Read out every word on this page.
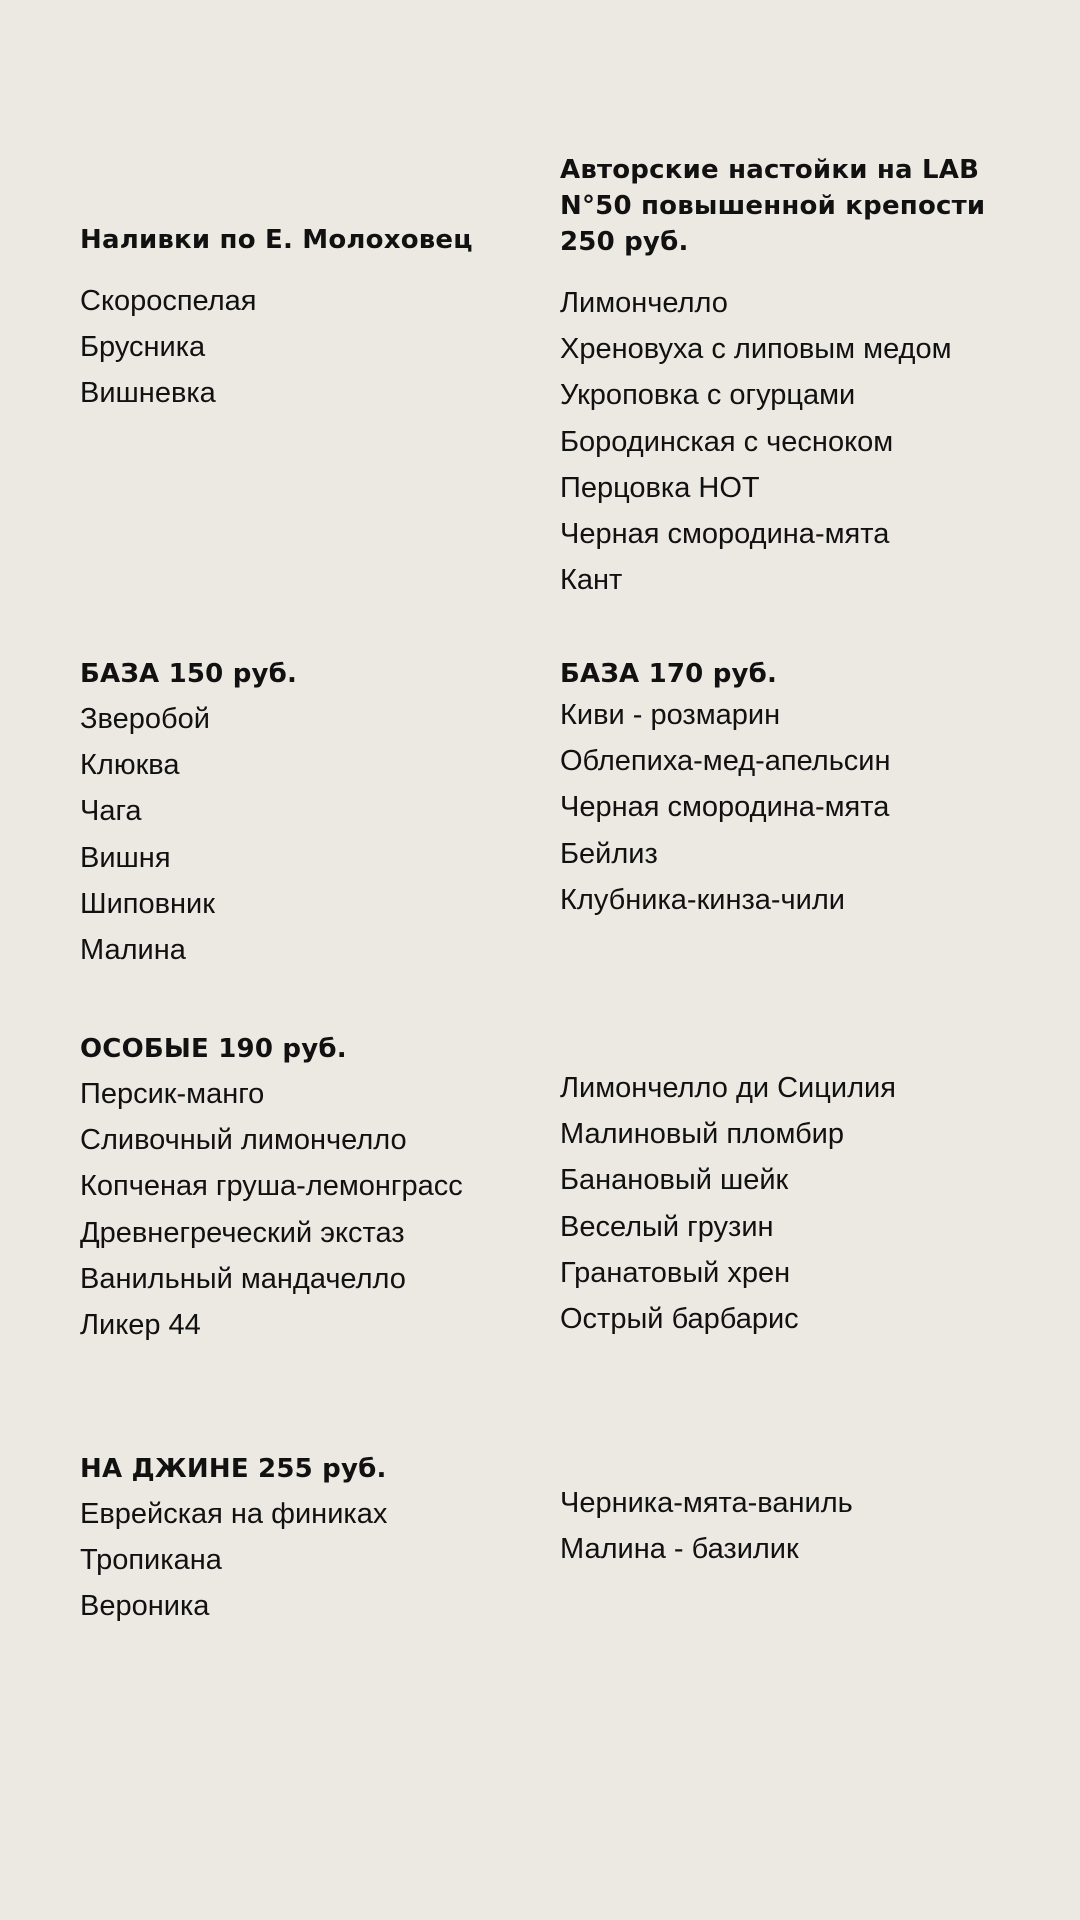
Наливки по Е. Молоховец
Скороспелая
Брусника
Вишневка
Авторские настойки на LAB
N°50 повышенной крепости
250 руб.
Лимончелло
Хреновуха с липовым медом
Укроповка с огурцами
Бородинская с чесноком
Перцовка HOT
Черная смородина-мята
Кант
БАЗА 150 руб.
Зверобой
Клюква
Чага
Вишня
Шиповник
Малина
БАЗА 170 руб.
Киви - розмарин
Облепиха-мед-апельсин
Черная смородина-мята
Бейлиз
Клубника-кинза-чили
ОСОБЫЕ 190 руб.
Персик-манго
Сливочный лимончелло
Копченая груша-лемонграсс
Древнегреческий экстаз
Ванильный мандачелло
Ликер 44
Лимончелло ди Сицилия
Малиновый пломбир
Банановый шейк
Веселый грузин
Гранатовый хрен
Острый барбарис
НА ДЖИНЕ 255 руб.
Еврейская на финиках
Тропикана
Вероника
Черника-мята-ваниль
Малина - базилик
